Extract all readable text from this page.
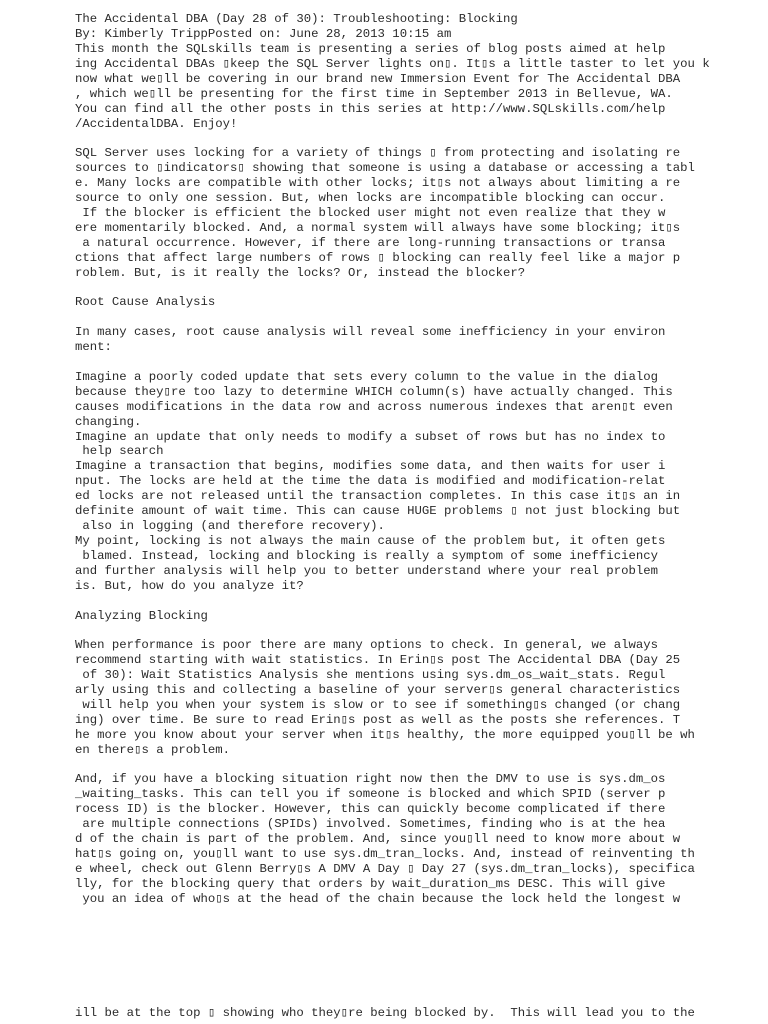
The Accidental DBA (Day 28 of 30): Troubleshooting: Blocking

By: Kimberly TrippPosted on: June 28, 2013 10:15 am

This month the SQLskills team is presenting a series of blog posts aimed at help

ing Accidental DBAs ▯keep the SQL Server lights on▯. It▯s a little taster to let you k

now what we▯ll be covering in our brand new Immersion Event for The Accidental DBA

, which we▯ll be presenting for the first time in September 2013 in Bellevue, WA.

You can find all the other posts in this series at http://www.SQLskills.com/help

/AccidentalDBA. Enjoy!

SQL Server uses locking for a variety of things ▯ from protecting and isolating re

sources to ▯indicators▯ showing that someone is using a database or accessing a tabl

e. Many locks are compatible with other locks; it▯s not always about limiting a re

source to only one session. But, when locks are incompatible blocking can occur.

If the blocker is efficient the blocked user might not even realize that they w

ere momentarily blocked. And, a normal system will always have some blocking; it▯s

a natural occurrence. However, if there are long-running transactions or transa

ctions that affect large numbers of rows ▯ blocking can really feel like a major p

roblem. But, is it really the locks? Or, instead the blocker?

Root Cause Analysis

In many cases, root cause analysis will reveal some inefficiency in your environ

ment:

Imagine a poorly coded update that sets every column to the value in the dialog

because they▯re too lazy to determine WHICH column(s) have actually changed. This

causes modifications in the data row and across numerous indexes that aren▯t even

changing.

Imagine an update that only needs to modify a subset of rows but has no index to

help search

Imagine a transaction that begins, modifies some data, and then waits for user i

nput. The locks are held at the time the data is modified and modification-relat

ed locks are not released until the transaction completes. In this case it▯s an in

definite amount of wait time. This can cause HUGE problems ▯ not just blocking but

also in logging (and therefore recovery).

My point, locking is not always the main cause of the problem but, it often gets

blamed. Instead, locking and blocking is really a symptom of some inefficiency

and further analysis will help you to better understand where your real problem

is. But, how do you analyze it?

Analyzing Blocking

When performance is poor there are many options to check. In general, we always

recommend starting with wait statistics. In Erin▯s post The Accidental DBA (Day 25

of 30): Wait Statistics Analysis she mentions using sys.dm_os_wait_stats. Regul

arly using this and collecting a baseline of your server▯s general characteristics

will help you when your system is slow or to see if something▯s changed (or chang

ing) over time. Be sure to read Erin▯s post as well as the posts she references. T

he more you know about your server when it▯s healthy, the more equipped you▯ll be wh

en there▯s a problem.

And, if you have a blocking situation right now then the DMV to use is sys.dm_os

_waiting_tasks. This can tell you if someone is blocked and which SPID (server p

rocess ID) is the blocker. However, this can quickly become complicated if there

are multiple connections (SPIDs) involved. Sometimes, finding who is at the hea

d of the chain is part of the problem. And, since you▯ll need to know more about w

hat▯s going on, you▯ll want to use sys.dm_tran_locks. And, instead of reinventing th

e wheel, check out Glenn Berry▯s A DMV A Day ▯ Day 27 (sys.dm_tran_locks), specifica

lly, for the blocking query that orders by wait_duration_ms DESC. This will give

you an idea of who▯s at the head of the chain because the lock held the longest w

ill be at the top ▯ showing who they▯re being blocked by.  This will lead you to the
